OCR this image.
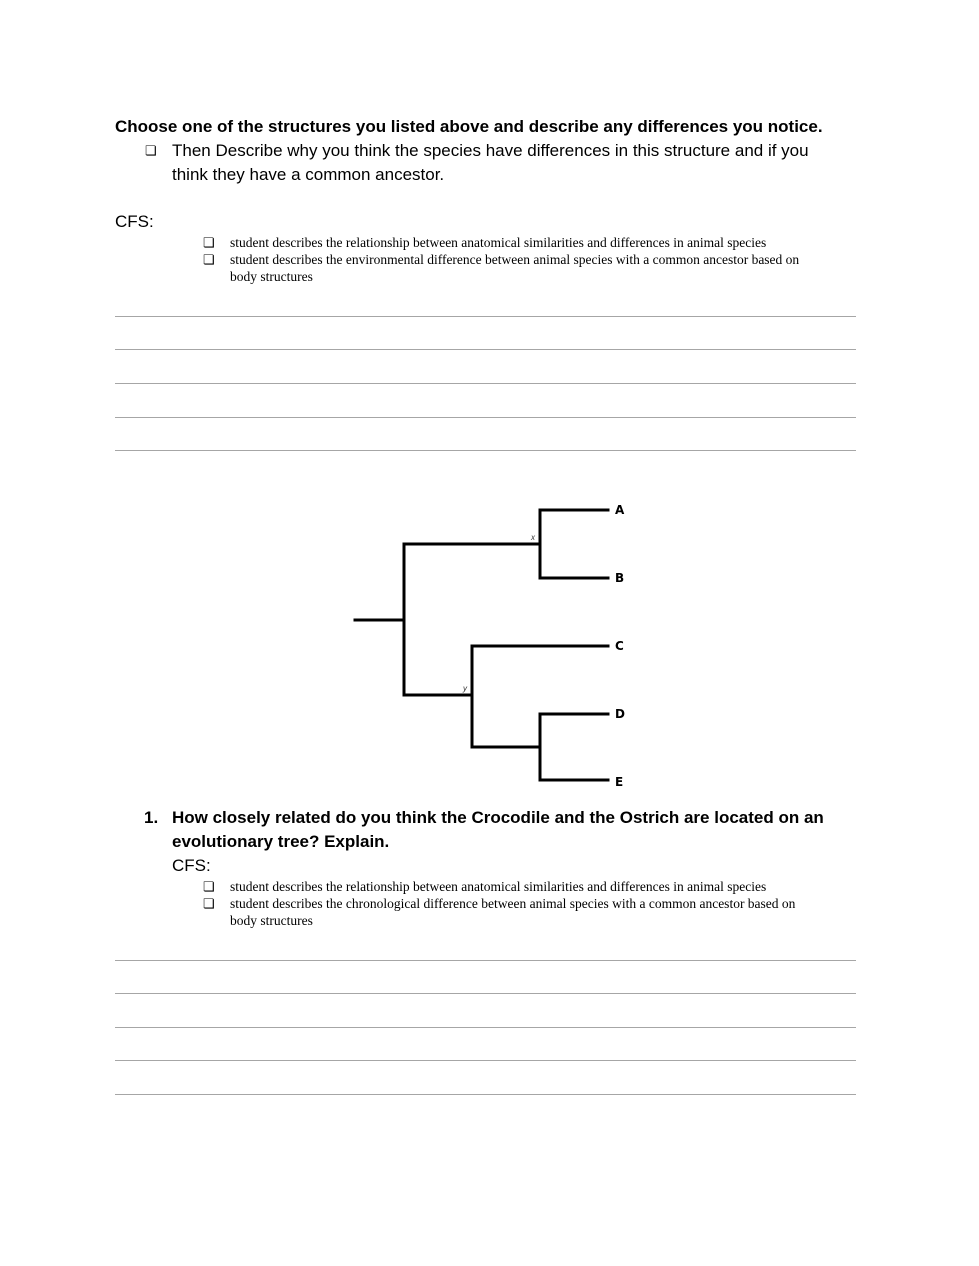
Choose one of the structures you listed above and describe any differences you notice.
❏ Then Describe why you think the species have differences in this structure and if you
think they have a common ancestor.
CFS:
❏ student describes the relationship between anatomical similarities and differences in animal species
❏ student describes the environmental difference between animal species with a common ancestor based on
body structures
x
y
A
B
C
D
E
1. How closely related do you think the Crocodile and the Ostrich are located on an
evolutionary tree? Explain.
CFS:
❏ student describes the relationship between anatomical similarities and differences in animal species
❏ student describes the chronological difference between animal species with a common ancestor based on
body structures
